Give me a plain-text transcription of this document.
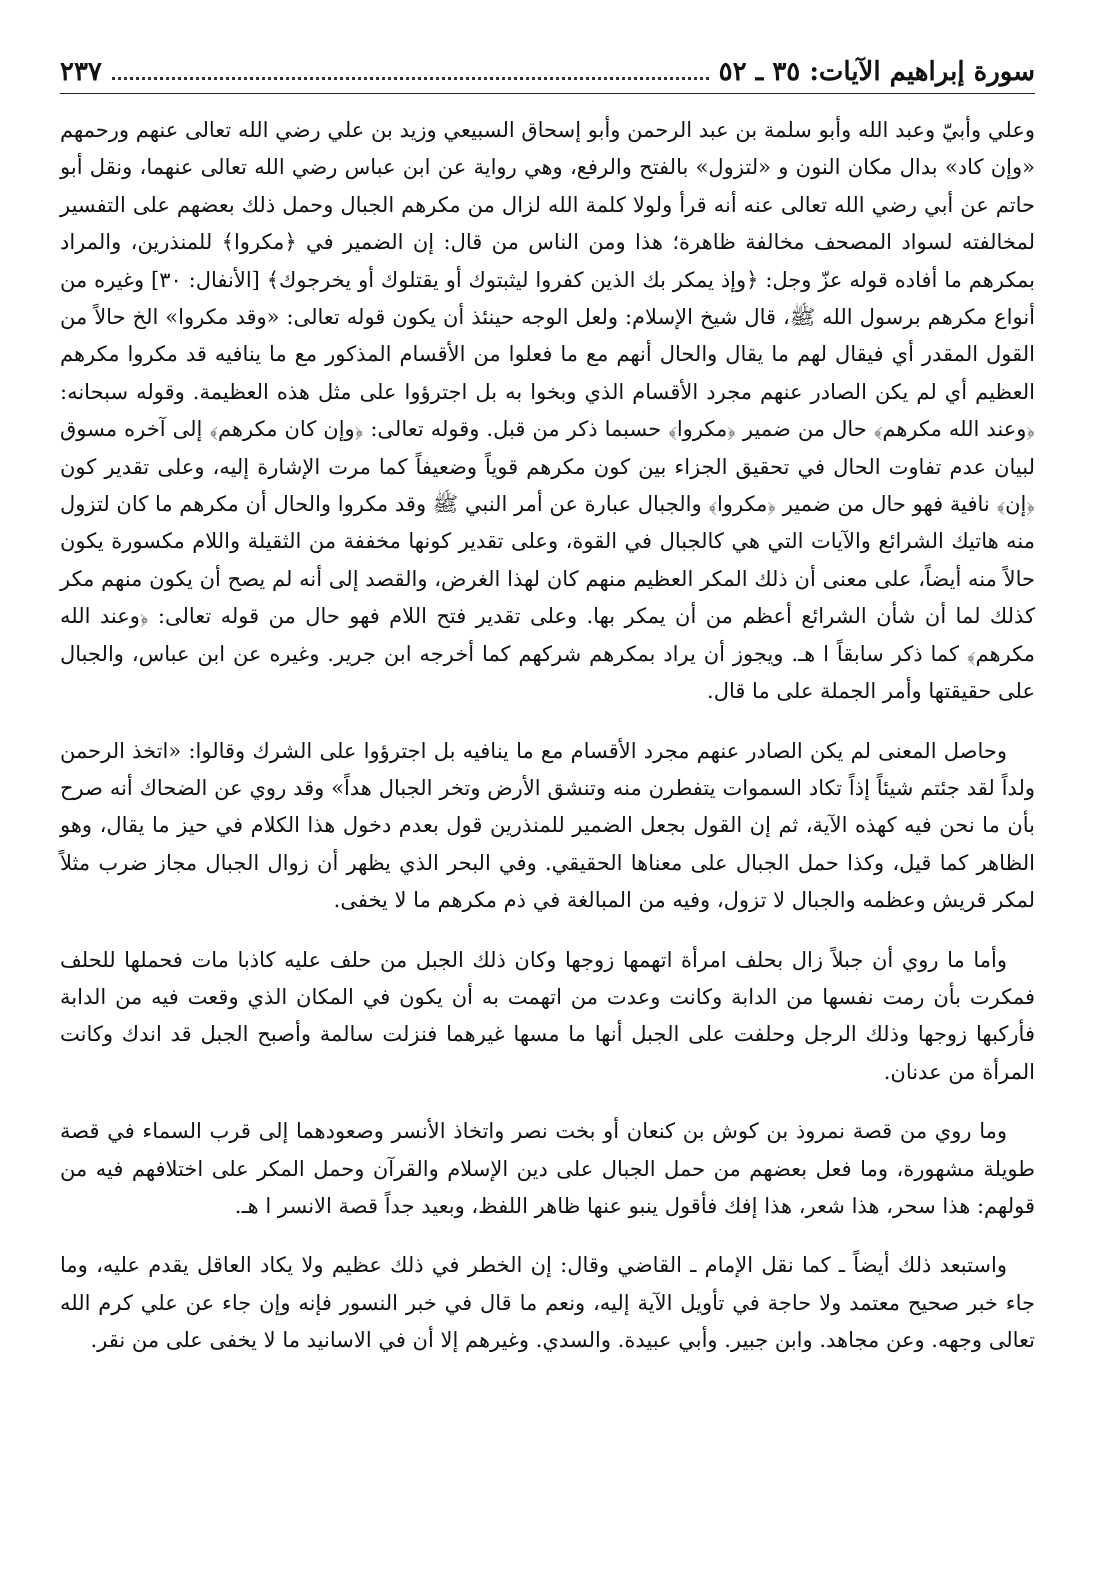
سورة إبراهيم الآيات: ٣٥ ـ ٥٢
٢٣٧

وعلي وأبيّ وعبد الله وأبو سلمة بن عبد الرحمن وأبو إسحاق السبيعي وزيد بن علي رضي الله تعالى عنهم ورحمهم «وإن كاد» بدال مكان النون و «لتزول» بالفتح والرفع، وهي رواية عن ابن عباس رضي الله تعالى عنهما، ونقل أبو حاتم عن أبي رضي الله تعالى عنه أنه قرأ ولولا كلمة الله لزال من مكرهم الجبال وحمل ذلك بعضهم على التفسير لمخالفته لسواد المصحف مخالفة ظاهرة؛ هذا ومن الناس من قال: إن الضمير في ﴿مكروا﴾ للمنذرين، والمراد بمكرهم ما أفاده قوله عزّ وجل: ﴿وإذ يمكر بك الذين كفروا ليثبتوك أو يقتلوك أو يخرجوك﴾ [الأنفال: ٣٠] وغيره من أنواع مكرهم برسول الله ﷺ، قال شيخ الإسلام: ولعل الوجه حينئذ أن يكون قوله تعالى: «وقد مكروا» الخ حالاً من القول المقدر أي فيقال لهم ما يقال والحال أنهم مع ما فعلوا من الأقسام المذكور مع ما ينافيه قد مكروا مكرهم العظيم أي لم يكن الصادر عنهم مجرد الأقسام الذي وبخوا به بل اجترؤوا على مثل هذه العظيمة. وقوله سبحانه: ﴿وعند الله مكرهم﴾ حال من ضمير ﴿مكروا﴾ حسبما ذكر من قبل. وقوله تعالى: ﴿وإن كان مكرهم﴾ إلى آخره مسوق لبيان عدم تفاوت الحال في تحقيق الجزاء بين كون مكرهم قوياً وضعيفاً كما مرت الإشارة إليه، وعلى تقدير كون ﴿إن﴾ نافية فهو حال من ضمير ﴿مكروا﴾ والجبال عبارة عن أمر النبي ﷺ وقد مكروا والحال أن مكرهم ما كان لتزول منه هاتيك الشرائع والآيات التي هي كالجبال في القوة، وعلى تقدير كونها مخففة من الثقيلة واللام مكسورة يكون حالاً منه أيضاً، على معنى أن ذلك المكر العظيم منهم كان لهذا الغرض، والقصد إلى أنه لم يصح أن يكون منهم مكر كذلك لما أن شأن الشرائع أعظم من أن يمكر بها. وعلى تقدير فتح اللام فهو حال من قوله تعالى: ﴿وعند الله مكرهم﴾ كما ذكر سابقاً ا هـ. ويجوز أن يراد بمكرهم شركهم كما أخرجه ابن جرير. وغيره عن ابن عباس، والجبال على حقيقتها وأمر الجملة على ما قال.

وحاصل المعنى لم يكن الصادر عنهم مجرد الأقسام مع ما ينافيه بل اجترؤوا على الشرك وقالوا: «اتخذ الرحمن ولداً لقد جئتم شيئاً إذاً تكاد السموات يتفطرن منه وتنشق الأرض وتخر الجبال هداً» وقد روي عن الضحاك أنه صرح بأن ما نحن فيه كهذه الآية، ثم إن القول بجعل الضمير للمنذرين قول بعدم دخول هذا الكلام في حيز ما يقال، وهو الظاهر كما قيل، وكذا حمل الجبال على معناها الحقيقي. وفي البحر الذي يظهر أن زوال الجبال مجاز ضرب مثلاً لمكر قريش وعظمه والجبال لا تزول، وفيه من المبالغة في ذم مكرهم ما لا يخفى.

وأما ما روي أن جبلاً زال بحلف امرأة اتهمها زوجها وكان ذلك الجبل من حلف عليه كاذبا مات فحملها للحلف فمكرت بأن رمت نفسها من الدابة وكانت وعدت من اتهمت به أن يكون في المكان الذي وقعت فيه من الدابة فأركبها زوجها وذلك الرجل وحلفت على الجبل أنها ما مسها غيرهما فنزلت سالمة وأصبح الجبل قد اندك وكانت المرأة من عدنان.

وما روي من قصة نمروذ بن كوش بن كنعان أو بخت نصر واتخاذ الأنسر وصعودهما إلى قرب السماء في قصة طويلة مشهورة، وما فعل بعضهم من حمل الجبال على دين الإسلام والقرآن وحمل المكر على اختلافهم فيه من قولهم: هذا سحر، هذا شعر، هذا إفك فأقول ينبو عنها ظاهر اللفظ، وبعيد جداً قصة الانسر ا هـ.

واستبعد ذلك أيضاً ـ كما نقل الإمام ـ القاضي وقال: إن الخطر في ذلك عظيم ولا يكاد العاقل يقدم عليه، وما جاء خبر صحيح معتمد ولا حاجة في تأويل الآية إليه، ونعم ما قال في خبر النسور فإنه وإن جاء عن علي كرم الله تعالى وجهه. وعن مجاهد. وابن جبير. وأبي عبيدة. والسدي. وغيرهم إلا أن في الاسانيد ما لا يخفى على من نقر.
